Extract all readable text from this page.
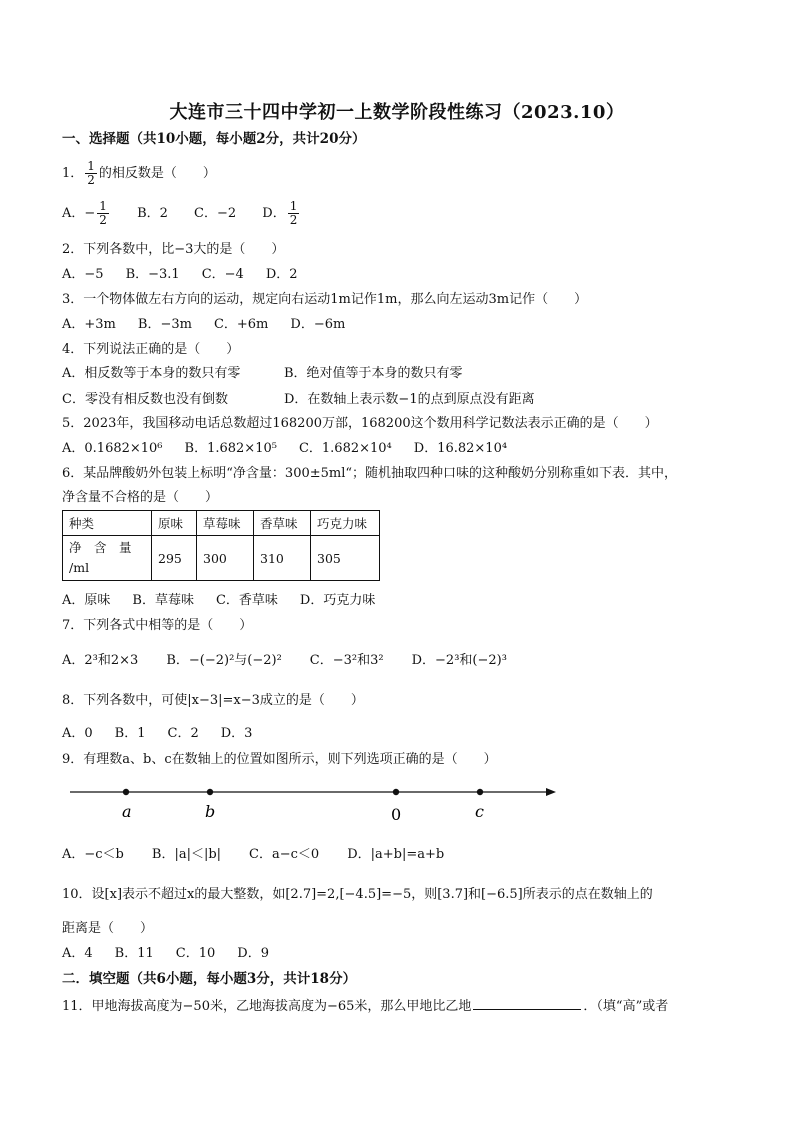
大连市三十四中学初一上数学阶段性练习（2023.10）
一、选择题（共10小题，每小题2分，共计20分）
1． $\frac{1}{2}$ 的相反数是（　　）
A．− $\frac{1}{2}$ B．2 C．−2 D． $\frac{1}{2}$
2．下列各数中，比−3大的是（　　）
A．−5 B．−3.1 C．−4 D．2
3．一个物体做左右方向的运动，规定向右运动1m记作1m，那么向左运动3m记作（　　）
A．+3m B．−3m C．+6m D．−6m
4．下列说法正确的是（　　）
A．相反数等于本身的数只有零	B．绝对值等于本身的数只有零
C．零没有相反数也没有倒数	D．在数轴上表示数−1的点到原点没有距离
5．2023年，我国移动电话总数超过168200万部，168200这个数用科学记数法表示正确的是（　　）
A．0.1682×10⁶ B．1.682×10⁵ C．1.682×10⁴ D．16.82×10⁴
6．某品牌酸奶外包装上标明“净含量：300±5ml“；随机抽取四种口味的这种酸奶分别称重如下表．其中，
净含量不合格的是（　　）
种类	原味	草莓味	香草味	巧克力味

净　含　量
/ml	295	300	310	305
A．原味 B．草莓味 C．香草味 D．巧克力味
7．下列各式中相等的是（　　）
A．2³和2×3 B．−(−2)²与(−2)² C．−3²和3² D．−2³和(−2)³
8．下列各数中，可使|x−3|=x−3成立的是（　　）
A．0 B．1 C．2 D．3
9．有理数a、b、c在数轴上的位置如图所示，则下列选项正确的是（　　）
a	b	0	c
A．−c＜b B．|a|＜|b| C．a−c＜0 D．|a+b|=a+b
10．设[x]表示不超过x的最大整数，如[2.7]=2,[−4.5]=−5，则[3.7]和[−6.5]所表示的点在数轴上的
距离是（　　）
A．4 B．11 C．10 D．9
二．填空题（共6小题，每小题3分，共计18分）
11．甲地海拔高度为−50米，乙地海拔高度为−65米，那么甲地比乙地	．（填“高”或者
